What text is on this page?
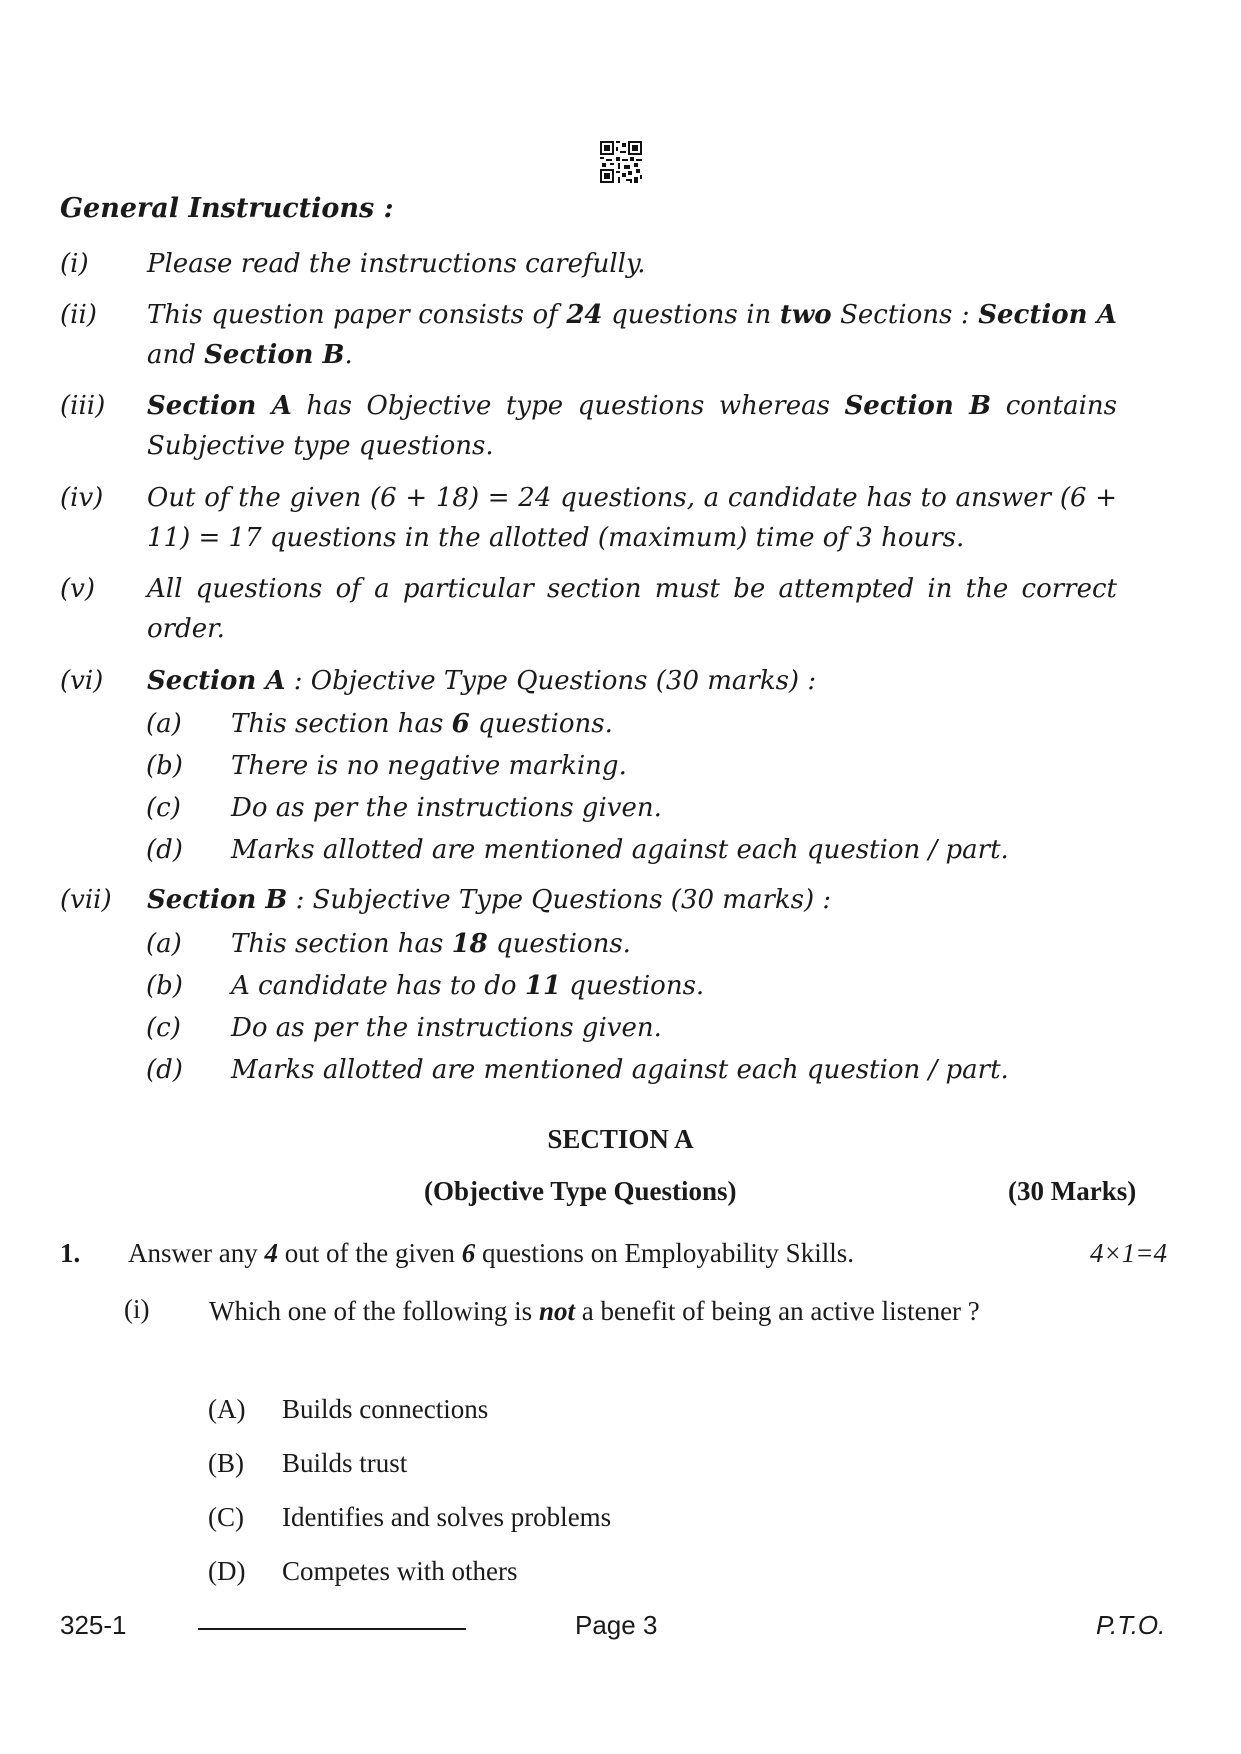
General Instructions :
(i) Please read the instructions carefully.
(ii) This question paper consists of 24 questions in two Sections : Section A and Section B.
(iii) Section A has Objective type questions whereas Section B contains Subjective type questions.
(iv) Out of the given (6 + 18) = 24 questions, a candidate has to answer (6 + 11) = 17 questions in the allotted (maximum) time of 3 hours.
(v) All questions of a particular section must be attempted in the correct order.
(vi) Section A : Objective Type Questions (30 marks) :
(a) This section has 6 questions.
(b) There is no negative marking.
(c) Do as per the instructions given.
(d) Marks allotted are mentioned against each question / part.
(vii) Section B : Subjective Type Questions (30 marks) :
(a) This section has 18 questions.
(b) A candidate has to do 11 questions.
(c) Do as per the instructions given.
(d) Marks allotted are mentioned against each question / part.
SECTION A
(Objective Type Questions)	(30 Marks)
1. Answer any 4 out of the given 6 questions on Employability Skills.	4×1=4
(i) Which one of the following is not a benefit of being an active listener ?
(A) Builds connections
(B) Builds trust
(C) Identifies and solves problems
(D) Competes with others
325-1	Page 3	P.T.O.
